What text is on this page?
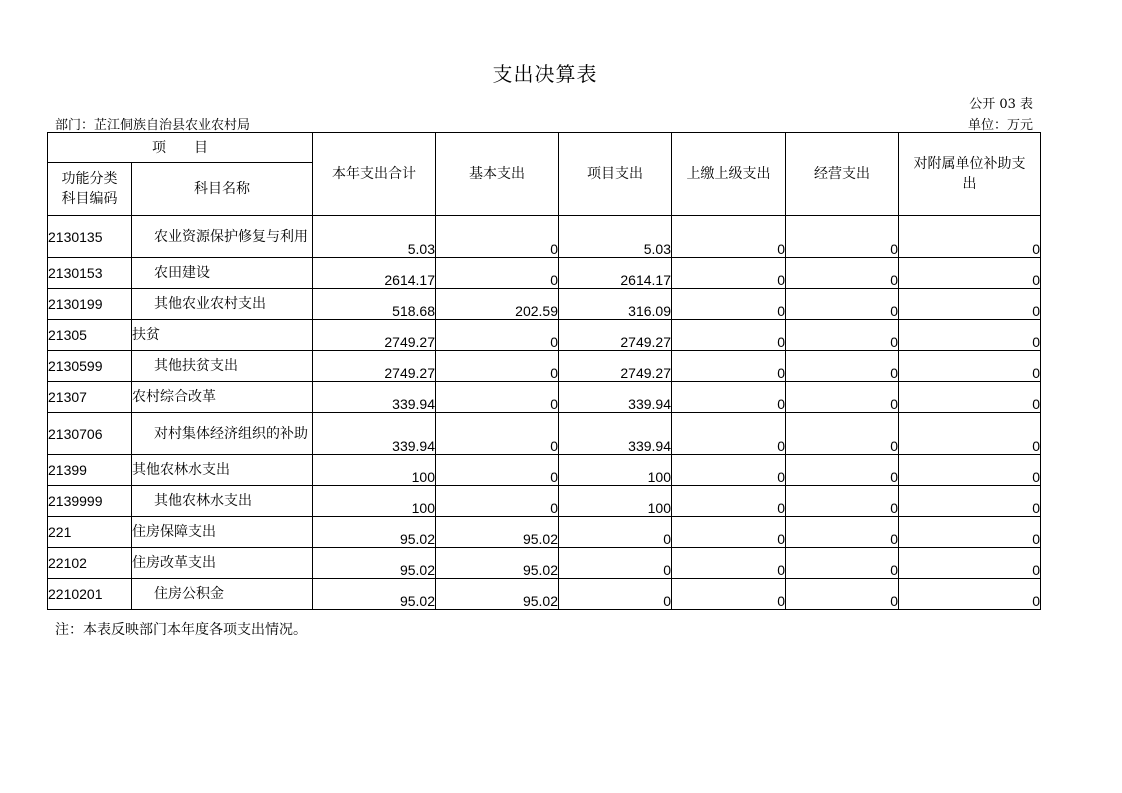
支出决算表
公开 03 表
部门：芷江侗族自治县农业农村局	单位：万元
项　　目		本年支出合计	基本支出	项目支出	上缴上级支出	经营支出	对附属单位补助支出
功能分类科目编码	科目名称						
2130135	农业资源保护修复与利用	5.03	0	5.03	0	0	0
2130153	农田建设	2614.17	0	2614.17	0	0	0
2130199	其他农业农村支出	518.68	202.59	316.09	0	0	0
21305	扶贫	2749.27	0	2749.27	0	0	0
2130599	其他扶贫支出	2749.27	0	2749.27	0	0	0
21307	农村综合改革	339.94	0	339.94	0	0	0
2130706	对村集体经济组织的补助	339.94	0	339.94	0	0	0
21399	其他农林水支出	100	0	100	0	0	0
2139999	其他农林水支出	100	0	100	0	0	0
221	住房保障支出	95.02	95.02	0	0	0	0
22102	住房改革支出	95.02	95.02	0	0	0	0
2210201	住房公积金	95.02	95.02	0	0	0	0
注：本表反映部门本年度各项支出情况。
